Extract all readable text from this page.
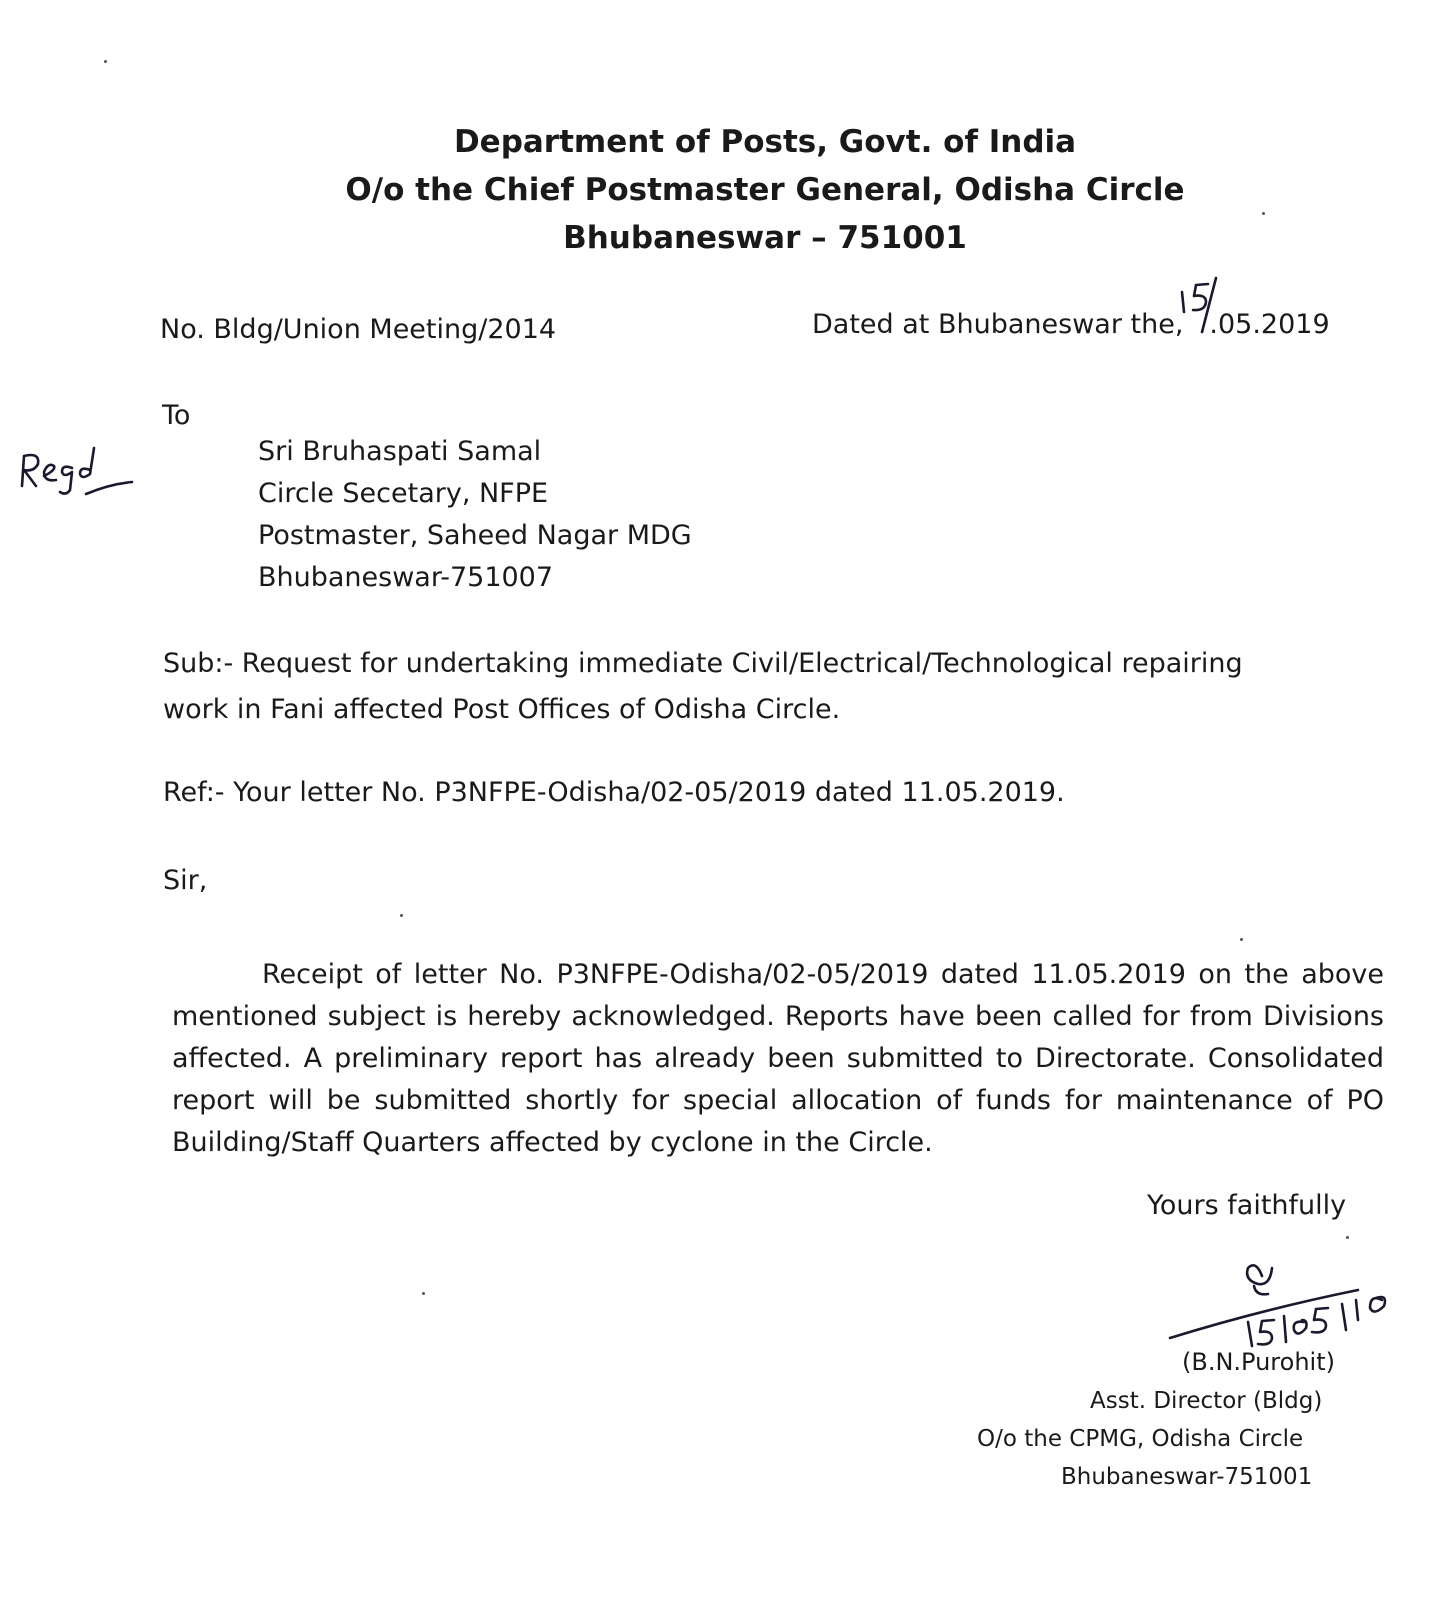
Department of Posts, Govt. of India
O/o the Chief Postmaster General, Odisha Circle
Bhubaneswar – 751001
No. Bldg/Union Meeting/2014	Dated at Bhubaneswar the, .05.2019
To
Sri Bruhaspati Samal
Circle Secetary, NFPE
Postmaster, Saheed Nagar MDG
Bhubaneswar-751007
Sub:- Request for undertaking immediate Civil/Electrical/Technological repairing
work in Fani affected Post Offices of Odisha Circle.
Ref:- Your letter No. P3NFPE-Odisha/02-05/2019 dated 11.05.2019.
Sir,
Receipt of letter No. P3NFPE-Odisha/02-05/2019 dated 11.05.2019 on the above mentioned subject is hereby acknowledged. Reports have been called for from Divisions affected. A preliminary report has already been submitted to Directorate. Consolidated report will be submitted shortly for special allocation of funds for maintenance of PO Building/Staff Quarters affected by cyclone in the Circle.
Yours faithfully
(B.N.Purohit)
Asst. Director (Bldg)
O/o the CPMG, Odisha Circle
Bhubaneswar-751001
